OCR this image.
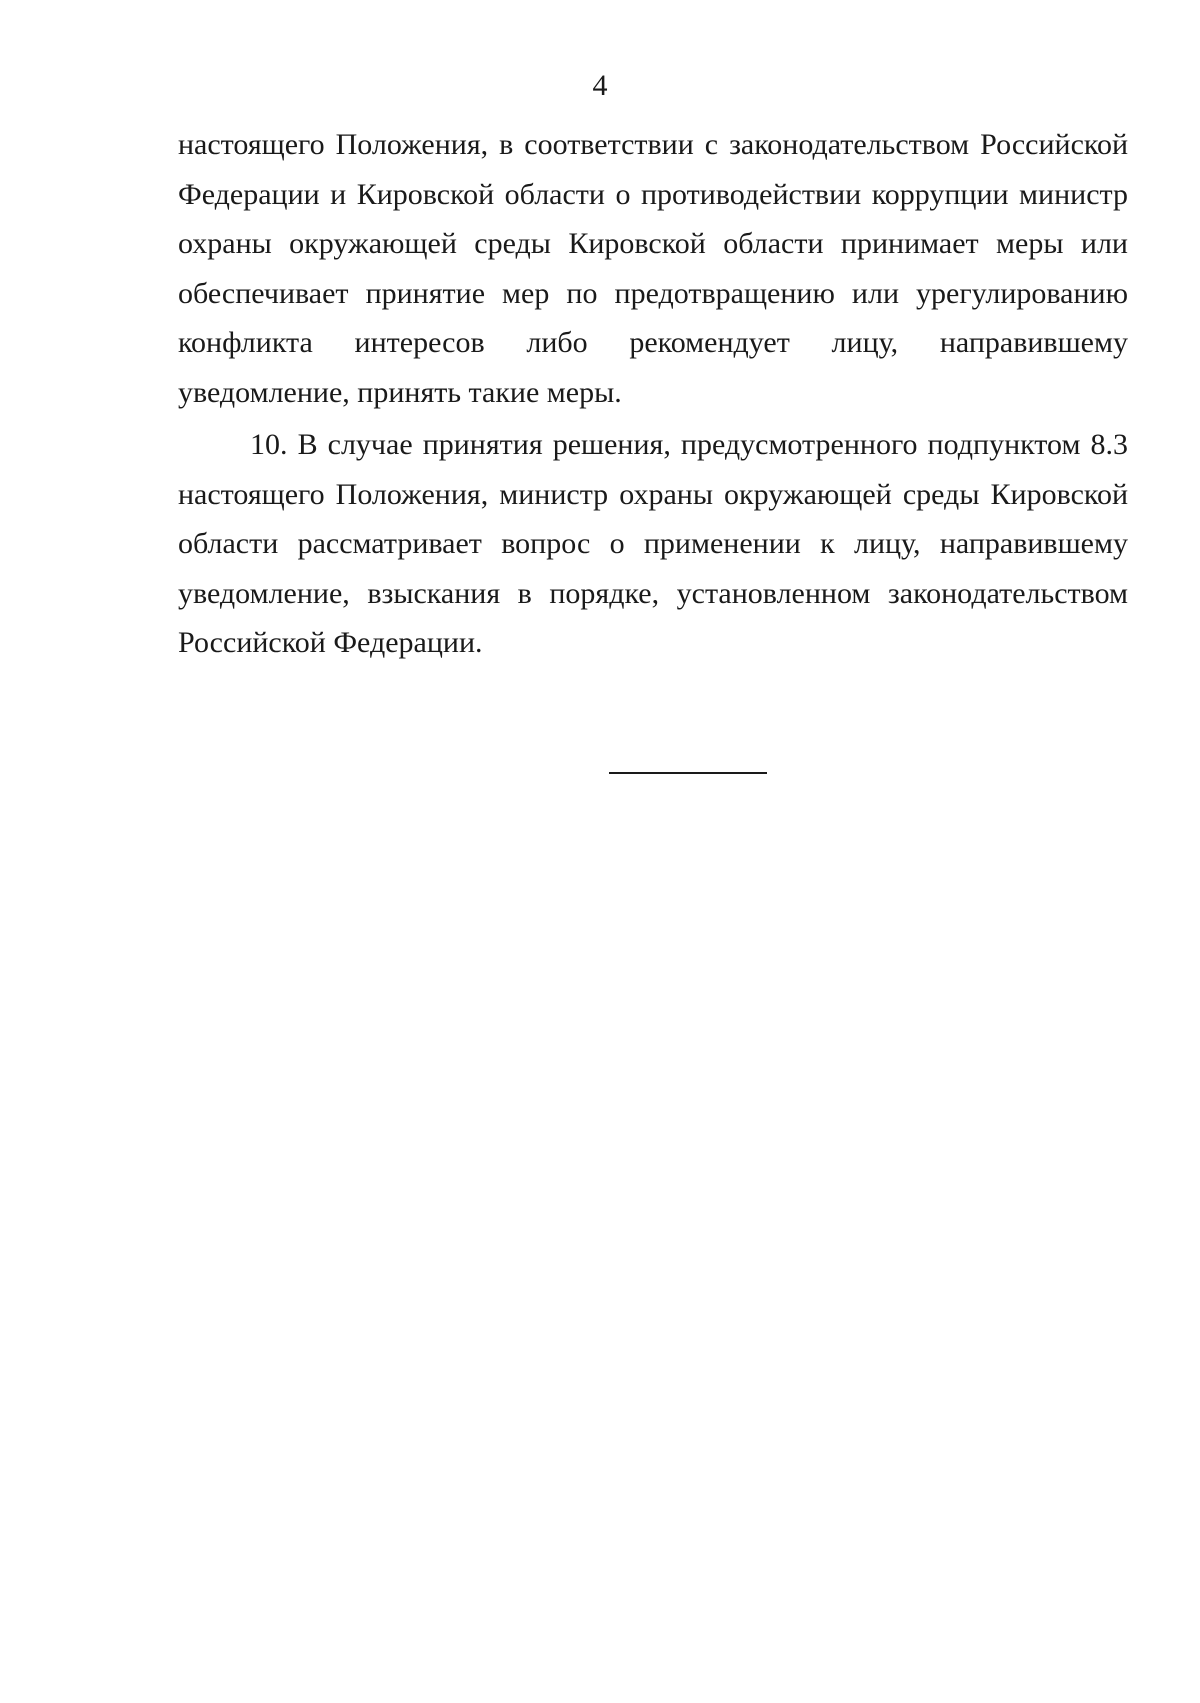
4

настоящего Положения, в соответствии с законодательством Российской Федерации и Кировской области о противодействии коррупции министр охраны окружающей среды Кировской области принимает меры или обеспечивает принятие мер по предотвращению или урегулированию конфликта интересов либо рекомендует лицу, направившему уведомление, принять такие меры.

10. В случае принятия решения, предусмотренного подпунктом 8.3 настоящего Положения, министр охраны окружающей среды Кировской области рассматривает вопрос о применении к лицу, направившему уведомление, взыскания в порядке, установленном законодательством Российской Федерации.
